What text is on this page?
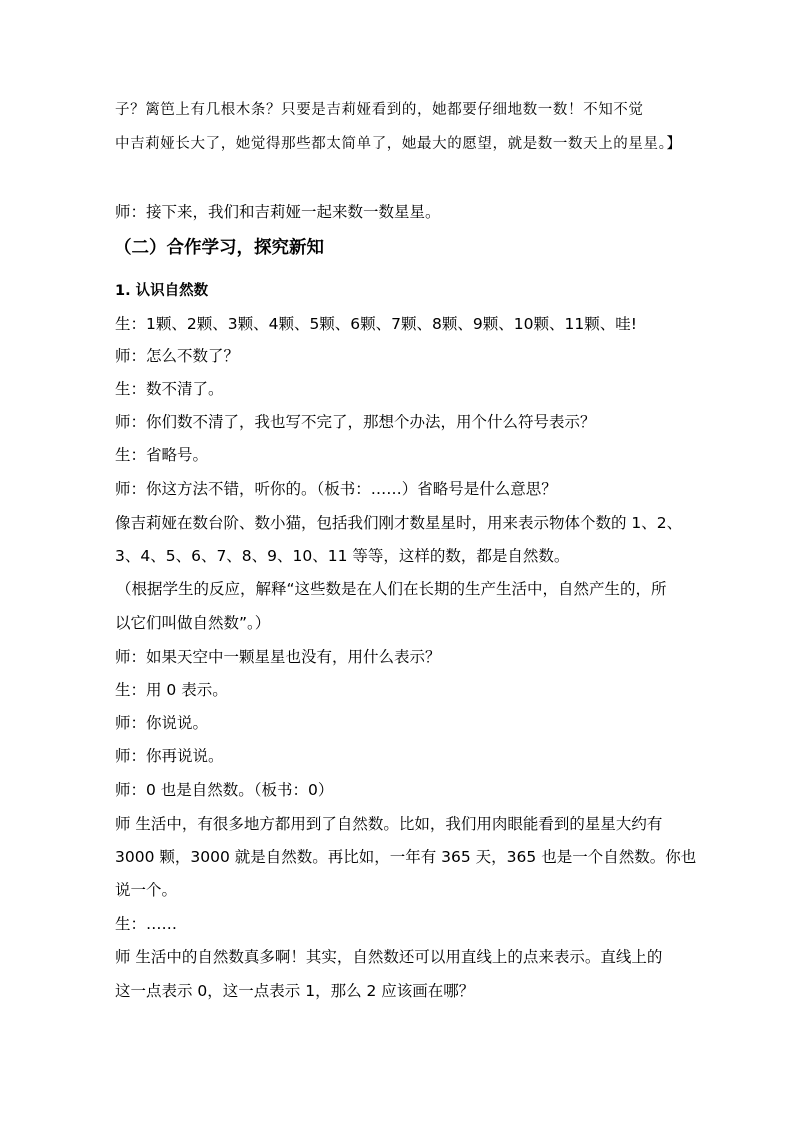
子？篱笆上有几根木条？只要是吉莉娅看到的，她都要仔细地数一数！不知不觉
中吉莉娅长大了，她觉得那些都太简单了，她最大的愿望，就是数一数天上的星星。】
师：接下来，我们和吉莉娅一起来数一数星星。
（二）合作学习，探究新知
1. 认识自然数
生：1颗、2颗、3颗、4颗、5颗、6颗、7颗、8颗、9颗、10颗、11颗、哇!
师：怎么不数了？
生：数不清了。
师：你们数不清了，我也写不完了，那想个办法，用个什么符号表示？
生：省略号。
师：你这方法不错，听你的。（板书：……）省略号是什么意思？
像吉莉娅在数台阶、数小猫，包括我们刚才数星星时，用来表示物体个数的 1、2、
3、4、5、6、7、8、9、10、11 等等，这样的数，都是自然数。
（根据学生的反应，解释“这些数是在人们在长期的生产生活中，自然产生的，所
以它们叫做自然数”。）
师：如果天空中一颗星星也没有，用什么表示？
生：用 0 表示。
师：你说说。
师：你再说说。
师：0 也是自然数。（板书：0）
师 生活中，有很多地方都用到了自然数。比如，我们用肉眼能看到的星星大约有
3000 颗，3000 就是自然数。再比如，一年有 365 天，365 也是一个自然数。你也
说一个。
生：……
师 生活中的自然数真多啊！其实，自然数还可以用直线上的点来表示。直线上的
这一点表示 0，这一点表示 1，那么 2 应该画在哪？
